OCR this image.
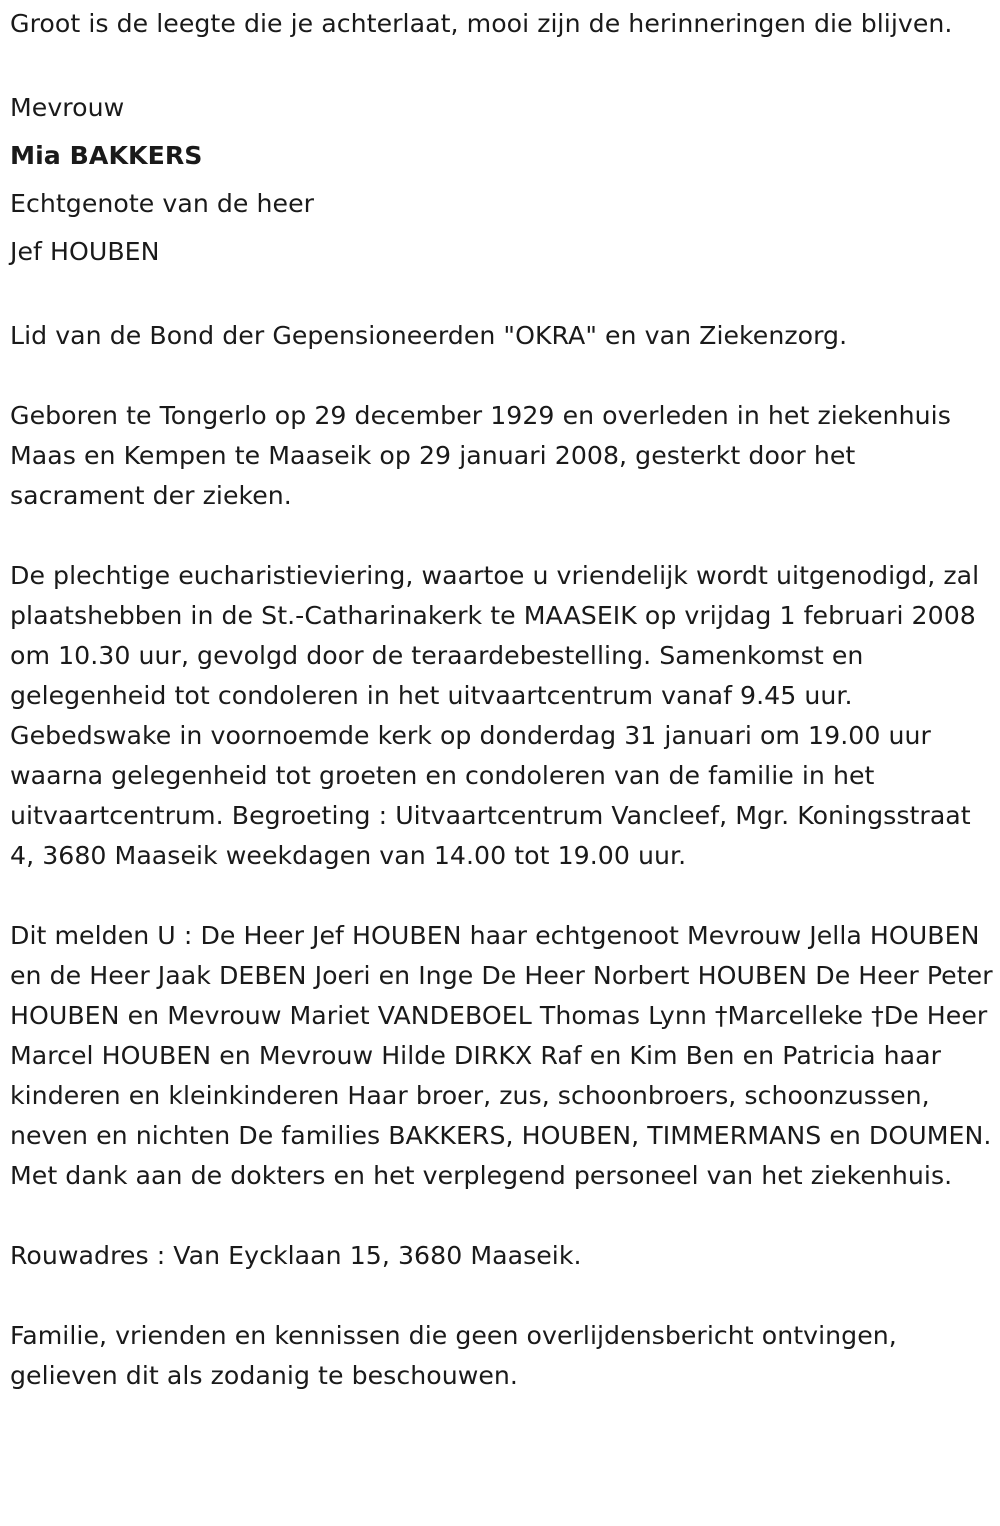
Groot is de leegte die je achterlaat, mooi zijn de herinneringen die blijven.

Mevrouw

Mia BAKKERS

Echtgenote van de heer

Jef HOUBEN

Lid van de Bond der Gepensioneerden "OKRA" en van Ziekenzorg.

Geboren te Tongerlo op 29 december 1929 en overleden in het ziekenhuis Maas en Kempen te Maaseik op 29 januari 2008, gesterkt door het sacrament der zieken.

De plechtige eucharistieviering, waartoe u vriendelijk wordt uitgenodigd, zal plaatshebben in de St.-Catharinakerk te MAASEIK op vrijdag 1 februari 2008 om 10.30 uur, gevolgd door de teraardebestelling. Samenkomst en gelegenheid tot condoleren in het uitvaartcentrum vanaf 9.45 uur. Gebedswake in voornoemde kerk op donderdag 31 januari om 19.00 uur waarna gelegenheid tot groeten en condoleren van de familie in het uitvaartcentrum. Begroeting : Uitvaartcentrum Vancleef, Mgr. Koningsstraat 4, 3680 Maaseik weekdagen van 14.00 tot 19.00 uur.

Dit melden U : De Heer Jef HOUBEN haar echtgenoot Mevrouw Jella HOUBEN en de Heer Jaak DEBEN Joeri en Inge De Heer Norbert HOUBEN De Heer Peter HOUBEN en Mevrouw Mariet VANDEBOEL Thomas Lynn †Marcelleke †De Heer Marcel HOUBEN en Mevrouw Hilde DIRKX Raf en Kim Ben en Patricia haar kinderen en kleinkinderen Haar broer, zus, schoonbroers, schoonzussen, neven en nichten De families BAKKERS, HOUBEN, TIMMERMANS en DOUMEN. Met dank aan de dokters en het verplegend personeel van het ziekenhuis.

Rouwadres : Van Eycklaan 15, 3680 Maaseik.

Familie, vrienden en kennissen die geen overlijdensbericht ontvingen, gelieven dit als zodanig te beschouwen.
